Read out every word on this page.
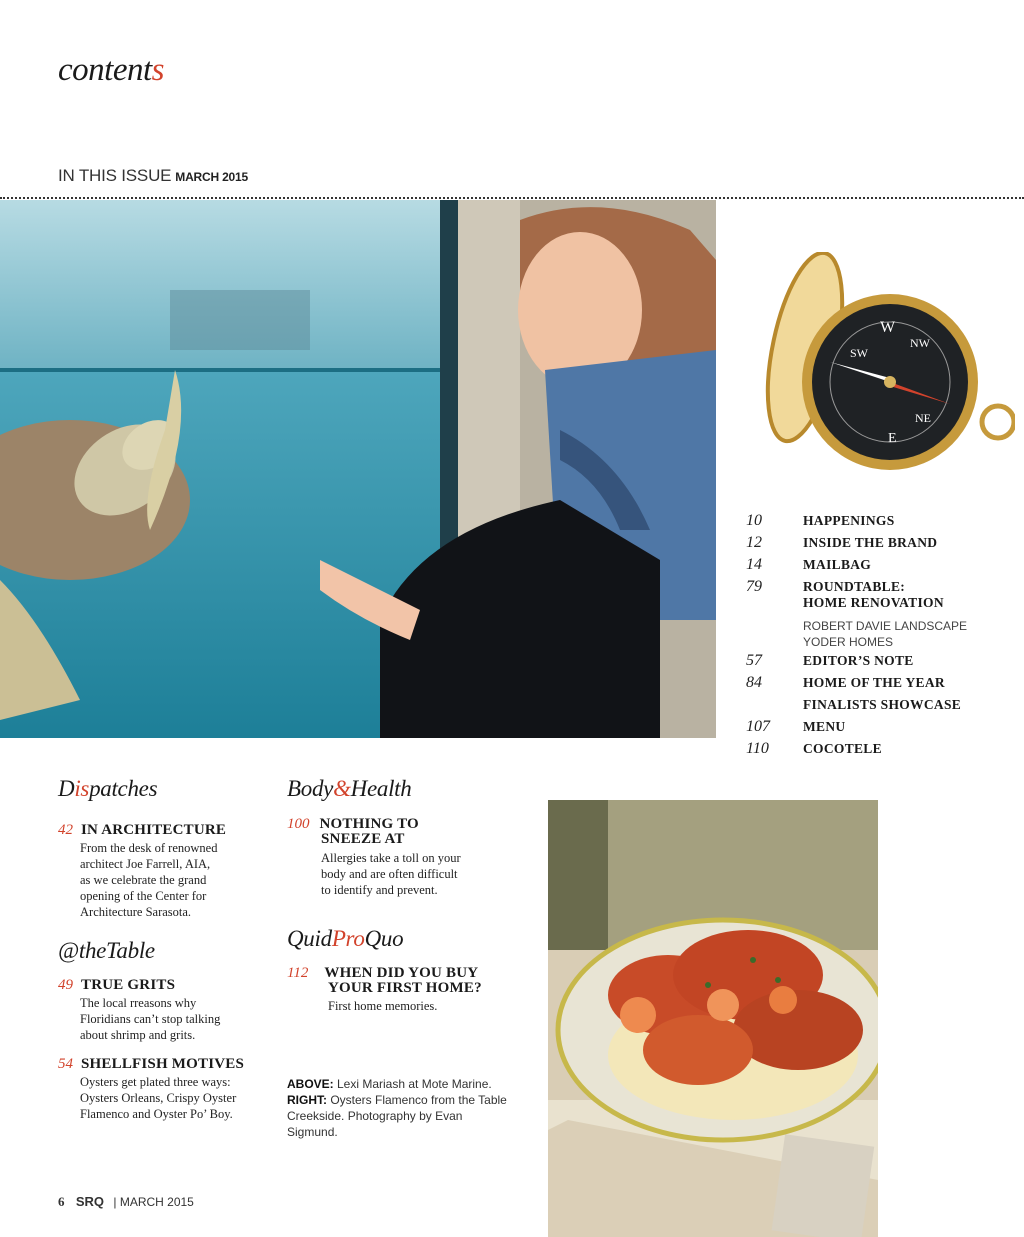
contents
IN THIS ISSUE MARCH 2015
W
SW
NW
NE
E
10	HAPPENINGS
12	INSIDE THE BRAND
14	MAILBAG
79	ROUNDTABLE:
HOME RENOVATION
ROBERT DAVIE LANDSCAPE
YODER HOMES
57	EDITOR’S NOTE
84	HOME OF THE YEAR
FINALISTS SHOWCASE
107 MENU
110	COCOTELE
Dispatches
42 IN ARCHITECTURE
From the desk of renowned
architect Joe Farrell, AIA,
as we celebrate the grand
opening of the Center for
Architecture Sarasota.
@theTable
49 TRUE GRITS
The local rreasons why
Floridians can’t stop talking
about shrimp and grits.
54 SHELLFISH MOTIVES
Oysters get plated three ways:
Oysters Orleans, Crispy Oyster
Flamenco and Oyster Po’ Boy.
Body&Health
100 NOTHING TO
SNEEZE AT
Allergies take a toll on your
body and are often difficult
to identify and prevent.
QuidProQuo
112 WHEN DID YOU BUY
YOUR FIRST HOME?
First home memories.
ABOVE: Lexi Mariash at Mote Marine.
RIGHT: Oysters Flamenco from the Table Creekside. Photography by Evan Sigmund.
6 SRQ | MARCH 2015
